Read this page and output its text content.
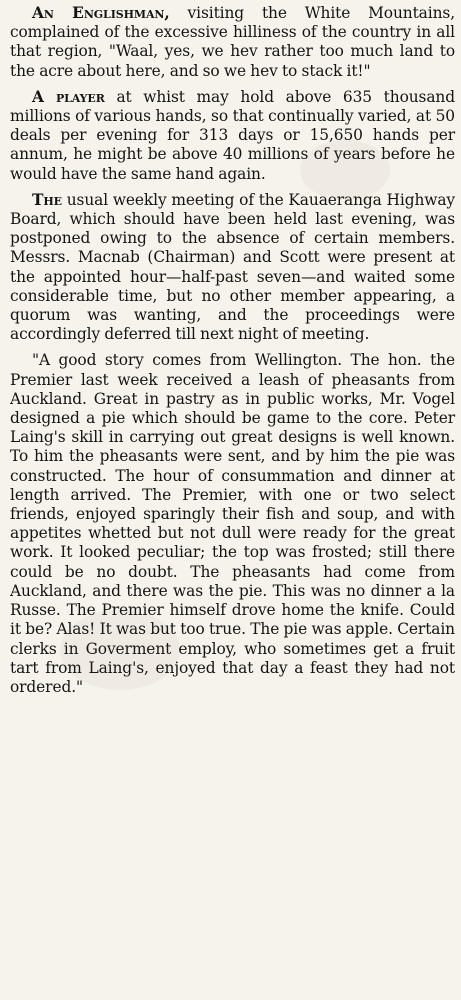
An Englishman, visiting the White Mountains, complained of the excessive hilliness of the country in all that region, "Waal, yes, we hev rather too much land to the acre about here, and so we hev to stack it!"

A player at whist may hold above 635 thousand millions of various hands, so that continually varied, at 50 deals per evening for 313 days or 15,650 hands per annum, he might be above 40 millions of years before he would have the same hand again.

The usual weekly meeting of the Kauaeranga Highway Board, which should have been held last evening, was postponed owing to the absence of certain members. Messrs. Macnab (Chairman) and Scott were present at the appointed hour—half-past seven—and waited some considerable time, but no other member appearing, a quorum was wanting, and the proceedings were accordingly deferred till next night of meeting.

"A good story comes from Wellington. The hon. the Premier last week received a leash of pheasants from Auckland. Great in pastry as in public works, Mr. Vogel designed a pie which should be game to the core. Peter Laing's skill in carrying out great designs is well known. To him the pheasants were sent, and by him the pie was constructed. The hour of consummation and dinner at length arrived. The Premier, with one or two select friends, enjoyed sparingly their fish and soup, and with appetites whetted but not dull were ready for the great work. It looked peculiar; the top was frosted; still there could be no doubt. The pheasants had come from Auckland, and there was the pie. This was no dinner a la Russe. The Premier himself drove home the knife. Could it be? Alas! It was but too true. The pie was apple. Certain clerks in Goverment employ, who sometimes get a fruit tart from Laing's, enjoyed that day a feast they had not ordered."
